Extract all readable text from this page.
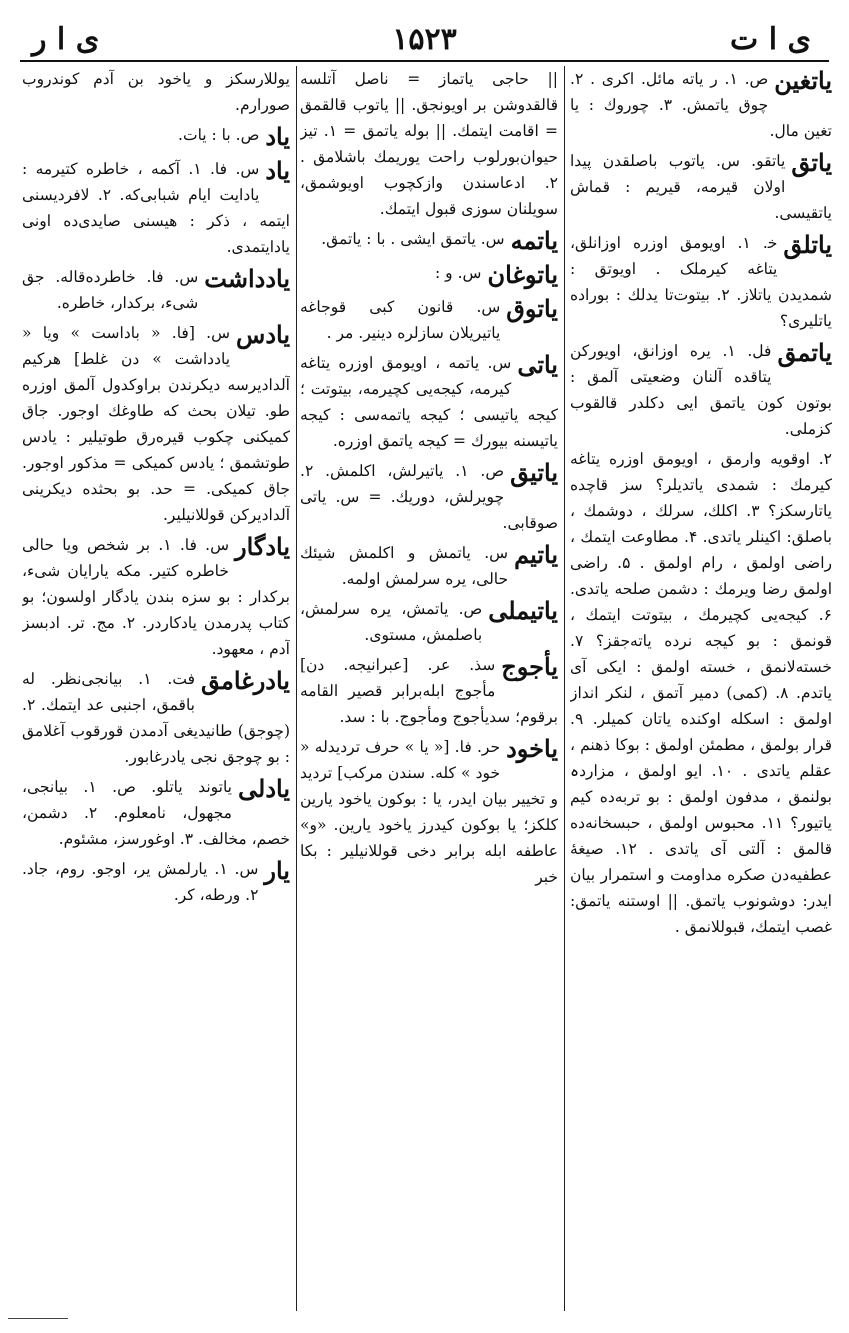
ی ا ر	۱۵۲۳	ی ا ت
یاتغین
ص. ۱. ر یاته مائل. اکری . ۲. چوق یاتمش. ۳. چوروك : یا تغین مال.
یاتق
یاتقو. س. یاتوب باصلقدن پیدا اولان قیرمه، قیریم : قماش یاتقیسی.
یاتلق
ﺧ. ۱. اویومق اوزره اوزانلق، یتاغه کیرملک . اویوتق : شمدیدن یاتلاز. ۲. بیتوت‌تا یدلك : بوراده یاتلیری؟
یاتمق
فل. ۱. یره اوزانق، اویورکن یتاقده آلنان وضعیتی آلمق : بوتون کون یاتمق ایی دکلدر قالقوب کزملی.
۲. اوقویه وارمق ، اویومق اوزره یتاغه کیرمك : شمدی یاتدیلر؟ سز قاچده یاتارسکز؟ ۳. اکلك، سرلك ، دوشمك ، باصلق: اکینلر یاتدی. ۴. مطاوعت ایتمك ، راضی اولمق ، رام اولمق . ۵. راضی اولمق رضا ویرمك : دشمن صلحه یاتدی. ۶. کیجه‌یی کچیرمك ، بیتوتت ایتمك ، قونمق : بو کیجه نرده یاته‌جقز؟ ۷. خسته‌لانمق ، خسته اولمق : ایکی آی یاتدم. ۸. (کمی) دمیر آتمق ، لنکر انداز اولمق : اسکله اوکنده یاتان کمیلر. ۹. قرار بولمق ، مطمئن اولمق : بوکا ذهنم ، عقلم یاتدی . ۱۰. ایو اولمق ، مزاردہ بولنمق ، مدفون اولمق : بو تربه‌ده کیم یاتیور؟ ۱۱. محبوس اولمق ، حبسخانه‌ده قالمق : آلتی آی یاتدی . ۱۲. صیغهٔ عطفیه‌دن صکره مداومت و استمرار بیان ایدر: دوشونوب یاتمق. || اوستنه یاتمق: غصب ایتمك، قبوللانمق .
|| حاجی یاتماز = ناصل آتلسه قالقدوشن بر اویونجق. || یاتوب قالقمق = اقامت ایتمك. || بوله یاتمق = ۱. تیز حیوان‌بورلوب راحت یوریمك باشلامق . ۲. ادعاسندن وازکچوب اویوشمق، سویلنان سوزی قبول ایتمك.
یاتمه
س. یاتمق ایشی . با : یاتمق.
یاتوغان
س. و :
یاتوق
س. قانون کبی قوجاغه یاتیریلان سازلره دینیر. مر .
یاتی
س. یاتمه ، اویومق اوزره یتاغه کیرمه، کیجه‌یی کچیرمه، بیتوتت ؛ کیجه یاتیسی ؛ کیجه یاتمه‌سی : کیجه یاتیسنه بیورك = کیجه یاتمق اوزره.
یاتیق
ص. ۱. یاتیرلش، اکلمش. ۲. چویرلش، دوریك. = س. یاتی صوقابی.
یاتیم
س. یاتمش و اکلمش شیئك حالی، یره سرلمش اولمه.
یاتیملی
ص. یاتمش، یره سرلمش، باصلمش، مستوی.
یأجوج
سذ. عر. [عبرانیجه. دن] مأجوج ابله‌برابر قصیر القامه برقوم؛ سدیأجوج ومأجوج. با : سد.
یاخود
حر. فا. [« یا » حرف تردیدله « خود » کله. سندن مرکب] تردید و تخییر بیان ایدر، یا : بوکون یاخود یارین کلکز؛ یا بوکون کیدرز یاخود یارین. «و» عاطفه ابله برابر دخی قوللانیلیر : بکا خبر
یوللارسکز و یاخود بن آدم کوندروب صورارم.
یاد
ص. با : یات.
یاد
س. فا. ۱. آکمه ، خاطره کتیرمه : یادایت ایام شبابی‌که. ۲. لافردیسنی ایتمه ، ذکر : هیسنی صایدی‌ده اونی یادایتمدی.
یادداشت
س. فا. خاطرده‌قاله. جق شیء، برکدار، خاطره.
یادس
س. [فا. « باداست » ویا « یادداشت » دن غلط] هرکیم آلدادیرسه دیکرندن براوکدول آلمق اوزره طو. تیلان بحث که طاوغك اوجور. جاق کمیکنی چکوب قیره‌رق طوتیلیر : یادس طوتشمق ؛ یادس کمیکی = مذکور اوجور. جاق کمیکی. = حد. بو بحثده دیکرینی آلدادیرکن قوللانیلیر.
یادگار
س. فا. ۱. بر شخص ویا حالی خاطره کتیر. مکه یارایان شیء، برکدار : بو سزه بندن یادگار اولسون؛ بو کتاب پدرمدن یادکاردر. ۲. مج. تر. ادبسز آدم ، معهود.
یادرغامق
فت. ۱. بیانجی‌نظر. له باقمق، اجنبی عد ایتمك. ۲. (چوجق) طانیدیغی آدمدن قورقوب آغلامق : بو چوجق نجی یادرغابور.
یادلی
یاتوند یاتلو. ص. ۱. بیانجی، مجهول، نامعلوم. ۲. دشمن، خصم، مخالف. ۳. اوغورسز، مشئوم.
یار
س. ۱. یارلمش یر، اوجو. روم، جاد. ۲. ورطه، کر.
